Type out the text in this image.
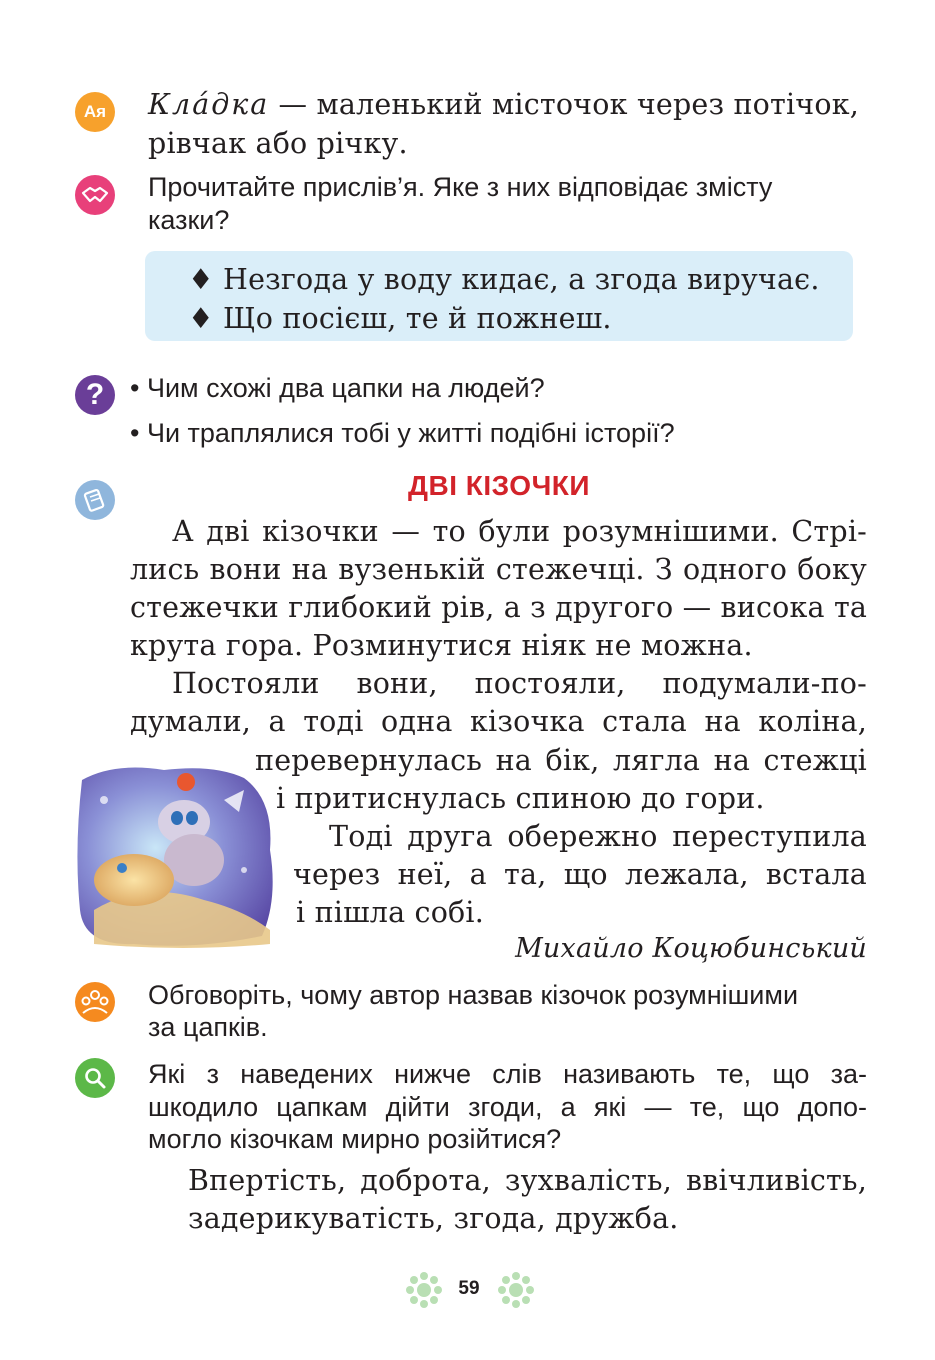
Ая Кла́дка — маленький місточок через потічок,
рівчак або річку.
Прочитайте прислів’я. Яке з них відповідає змісту
казки?
♦ Незгода у воду кидає, а згода виручає.
♦ Що посієш, те й пожнеш.
? • Чим схожі два цапки на людей?
• Чи траплялися тобі у житті подібні історії?
ДВІ КІЗОЧКИ
А дві кізочки — то були розумнішими. Стрі-
лись вони на вузенькій стежечці. З одного боку
стежечки глибокий рів, а з другого — висока та
крута гора. Розминутися ніяк не можна.
Постояли вони, постояли, подумали-по-
думали, а тоді одна кізочка стала на коліна,
перевернулась на бік, лягла на стежці
і притиснулась спиною до гори.
Тоді друга обережно переступила
через неї, а та, що лежала, встала
і пішла собі.
Михайло Коцюбинський
Обговоріть, чому автор назвав кізочок розумнішими
за цапків.
Які з наведених нижче слів називають те, що за-
шкодило цапкам дійти згоди, а які — те, що допо-
могло кізочкам мирно розійтися?
Впертість, доброта, зухвалість, ввічливість,
задерикуватість, згода, дружба.
59
